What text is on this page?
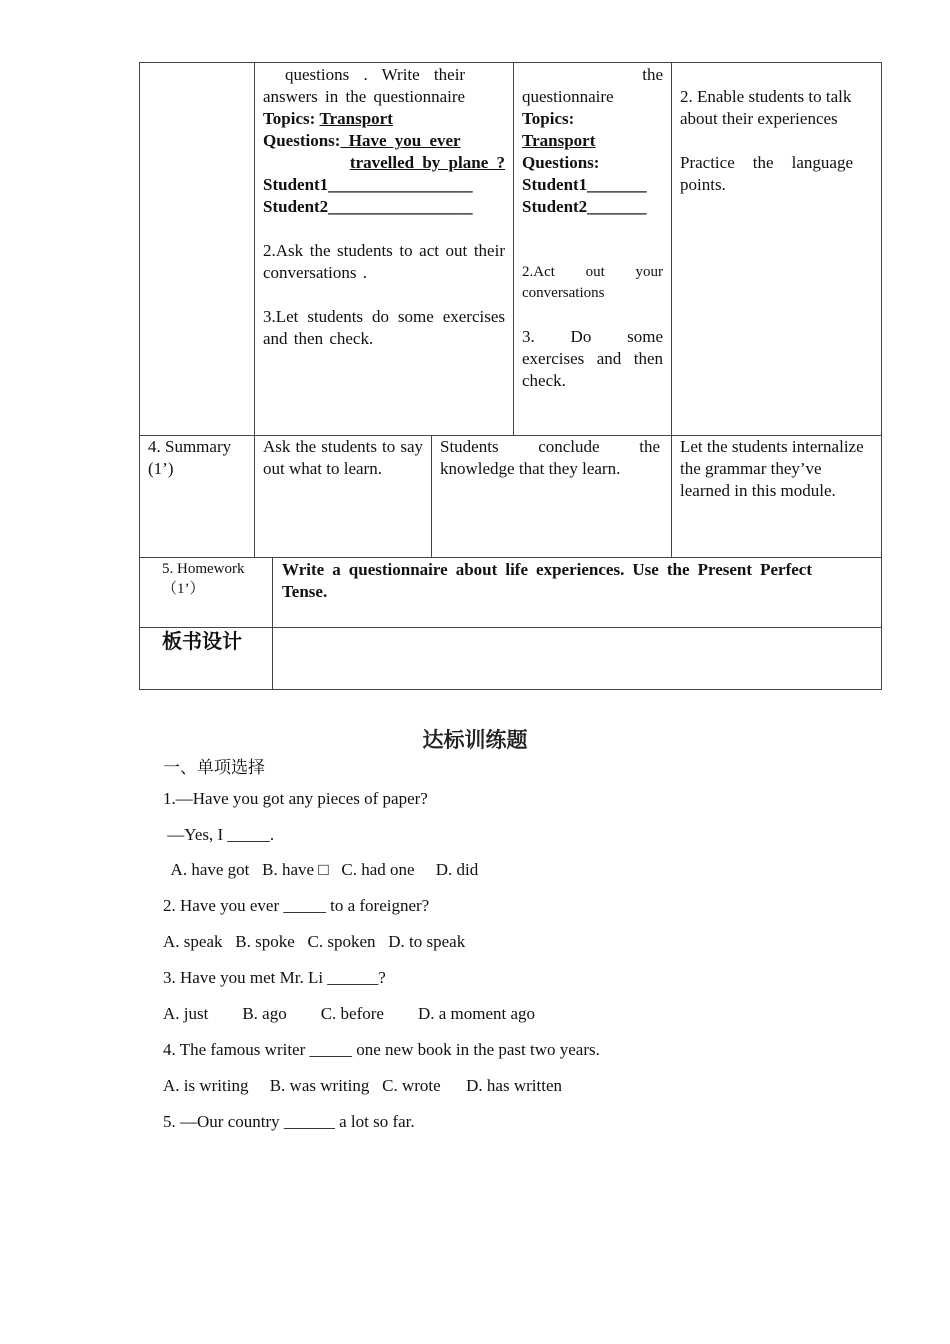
questions . Write their
answers in the questionnaire
Topics: Transport
Questions: Have you ever
travelled by plane ?
Student1_________________
Student2_________________
2.Ask the students to act out their conversations .
3.Let students do some exercises and then check.
the
questionnaire
Topics:
Transport
Questions:
Student1_______
Student2_______
2.Act out your conversations
3. Do some exercises and then check.
2. Enable students to talk about their experiences
Practice the language points.
4. Summary (1’)
Ask the students to say out what to learn.
Students conclude the knowledge that they learn.
Let the students internalize the grammar they’ve learned in this module.
5. Homework
（1’）
Write a questionnaire about life experiences. Use the Present Perfect Tense.
板书设计
达标训练题
一、单项选择
1.—Have you got any pieces of paper?
—Yes, I _____.
A. have got   B. have □   C. had one     D. did
2. Have you ever _____ to a foreigner?
A. speak   B. spoke   C. spoken   D. to speak
3. Have you met Mr. Li ______?
A. just        B. ago        C. before        D. a moment ago
4. The famous writer _____ one new book in the past two years.
A. is writing     B. was writing   C. wrote      D. has written
5. —Our country ______ a lot so far.
